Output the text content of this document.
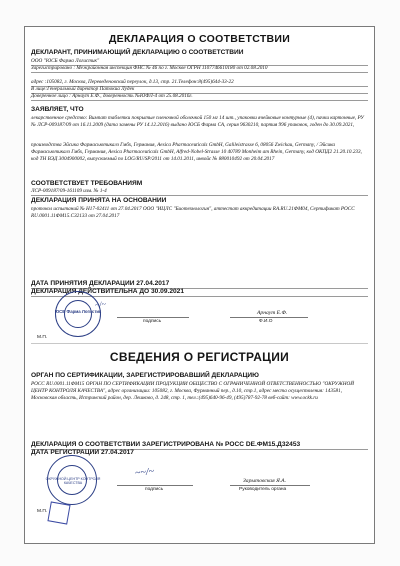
ДЕКЛАРАЦИЯ О СООТВЕТСТВИИ
ДЕКЛАРАНТ, ПРИНИМАЮЩИЙ ДЕКЛАРАЦИЮ О СООТВЕТСТВИИ
ООО "ЮСБ Фарма Логистик"
Зарегистрировано : Межрайонная инспекция ФНС № 46 по г. Москве ОГРН 1107746610180 от 02.08.2010
адрес :105082, г. Москва, Переведеновский переулок, д.13, стр. 21.Телефон:8(495)644-33-22
В лице:Генеральный директор Патокиа Лудек
Доверенное лицо : Арнаут Е.Ф., доверенность №ЮФЛ-4 от 25.08.2016г.
ЗАЯВЛЯЕТ, ЧТО
лекарственное средство: Вимпат таблетки покрытые пленочной оболочкой 150 мг 14 шт., упаковки ячейковые контурные (4), пачки картонные, РУ № ЛСР-009187/09 от 16.11.2009 (дата замены РУ 14.12.2016) выдано ЮСБ Фарма СА, серия 9630210, партия 996 упаковок, годен до 30.09.2021,
производства Эйсика Фармасьютикалз Гмбх, Германия, Aesica Pharmaceuticals GmbH, Galileistrasse 6, 08056 Zwickau, Germany, / Эйсика Фармасьютикалз Гмбх, Германия, Aesica Pharmaceuticals GmbH, Alfred-Nobel-Strasse 10 40789 Monheim am Rhein, Germany, код ОКПД2 21.20.10.233, код ТН ВЭД 3004900002, выпускаемый по LOG/RU/SP/2011 от 14.01.2011, инвойс № 880010492 от 20.04.2017
СООТВЕТСТВУЕТ ТРЕБОВАНИЯМ
ЛСР-009187/09-161109 изм. № 1-4
ДЕКЛАРАЦИЯ ПРИНЯТА НА ОСНОВАНИИ
протокол испытаний № Н17-02411 от 27.04.2017 ООО "ИЦЛС "Биотехнология", аттестат аккредитации RA.RU.21ФМ04, Сертификат РОСС RU.0001.11ФМ15.C32133 от 27.04.2017
ДАТА ПРИНЯТИЯ ДЕКЛАРАЦИИ 27.04.2017
ДЕКЛАРАЦИЯ ДЕЙСТВИТЕЛЬНА ДО 30.09.2021
ЮСБ Фарма Логистик
~/~
подпись
Арнаут Е.Ф.
Ф.И.О
М.П.
СВЕДЕНИЯ О РЕГИСТРАЦИИ
ОРГАН ПО СЕРТИФИКАЦИИ, ЗАРЕГИСТРИРОВАВШИЙ ДЕКЛАРАЦИЮ
РОСС RU.0001.11ФМ15 ОРГАН ПО СЕРТИФИКАЦИИ ПРОДУКЦИИ ОБЩЕСТВО С ОГРАНИЧЕННОЙ ОТВЕТСТВЕННОСТЬЮ "ОКРУЖНОЙ ЦЕНТР КОНТРОЛЯ КАЧЕСТВА", адрес организации: 105082, г. Москва, Фурманный пер., д.10, стр.1, адрес места осуществления: 143581, Московская область, Истринский район, дер. Лешково, д. 248, стр. 1, тел.:(495)640-96-49, (495)787-92-78 веб-сайт: www.ockk.ru
ДЕКЛАРАЦИЯ О СООТВЕТСТВИИ ЗАРЕГИСТРИРОВАНА № РОСС DE.ФМ15.Д32453
ДАТА РЕГИСТРАЦИИ 27.04.2017
ОКРУЖНОЙ ЦЕНТР КОНТРОЛЯ КАЧЕСТВА
~~/~
подпись
Зарытовская Я.А.
Руководитель органа
М.П.
